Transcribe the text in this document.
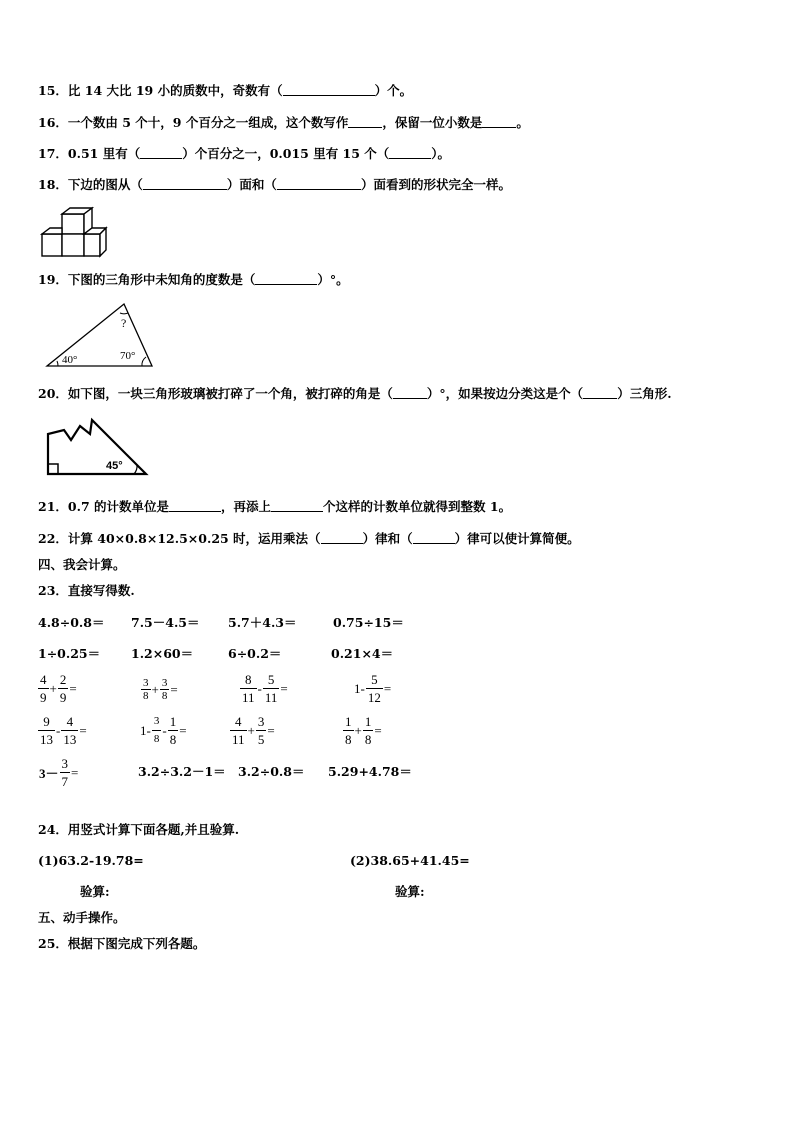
15．比 14 大比 19 小的质数中，奇数有（	）个。
16．一个数由 5 个十，9 个百分之一组成，这个数写作	，保留一位小数是	。
17．0.51 里有（	）个百分之一，0.015 里有 15 个（	）。
18．下边的图从（	）面和（	）面看到的形状完全一样。
19．下图的三角形中未知角的度数是（	）°。
?
40°	70°
20．如下图，一块三角形玻璃被打碎了一个角，被打碎的角是（	）°，如果按边分类这是个（	）三角形.
45°
21．0.7 的计数单位是	，再添上	个这样的计数单位就得到整数 1。
22．计算 40×0.8×12.5×0.25 时，运用乘法（	）律和（	）律可以使计算简便。
四、我会计算。
23．直接写得数.
4.8÷0.8＝ 7.5－4.5＝ 5.7＋4.3＝	0.75÷15＝
1÷0.25＝ 1.2×60＝	6÷0.2＝	0.21×4＝
$\frac{4}{9} + \frac{2}{9}$ =	$\frac{3}{8} + \frac{3}{8}$ =	$\frac{8}{11} - \frac{5}{11}$ =	$1- \frac{5}{12}$ =
$\frac{9}{13} - \frac{4}{13}$ =	$1- \frac{3}{8} - \frac{1}{8}$ =	$\frac{4}{11} + \frac{3}{5}$ =	$\frac{1}{8} + \frac{1}{8}$ =
$3- \frac{3}{7}$ =	3.2÷3.2－1＝ 3.2÷0.8＝ 5.29+4.78＝
24．用竖式计算下面各题,并且验算.
(1)63.2-19.78=	(2)38.65+41.45=
验算:	验算:
五、动手操作。
25．根据下图完成下列各题。
